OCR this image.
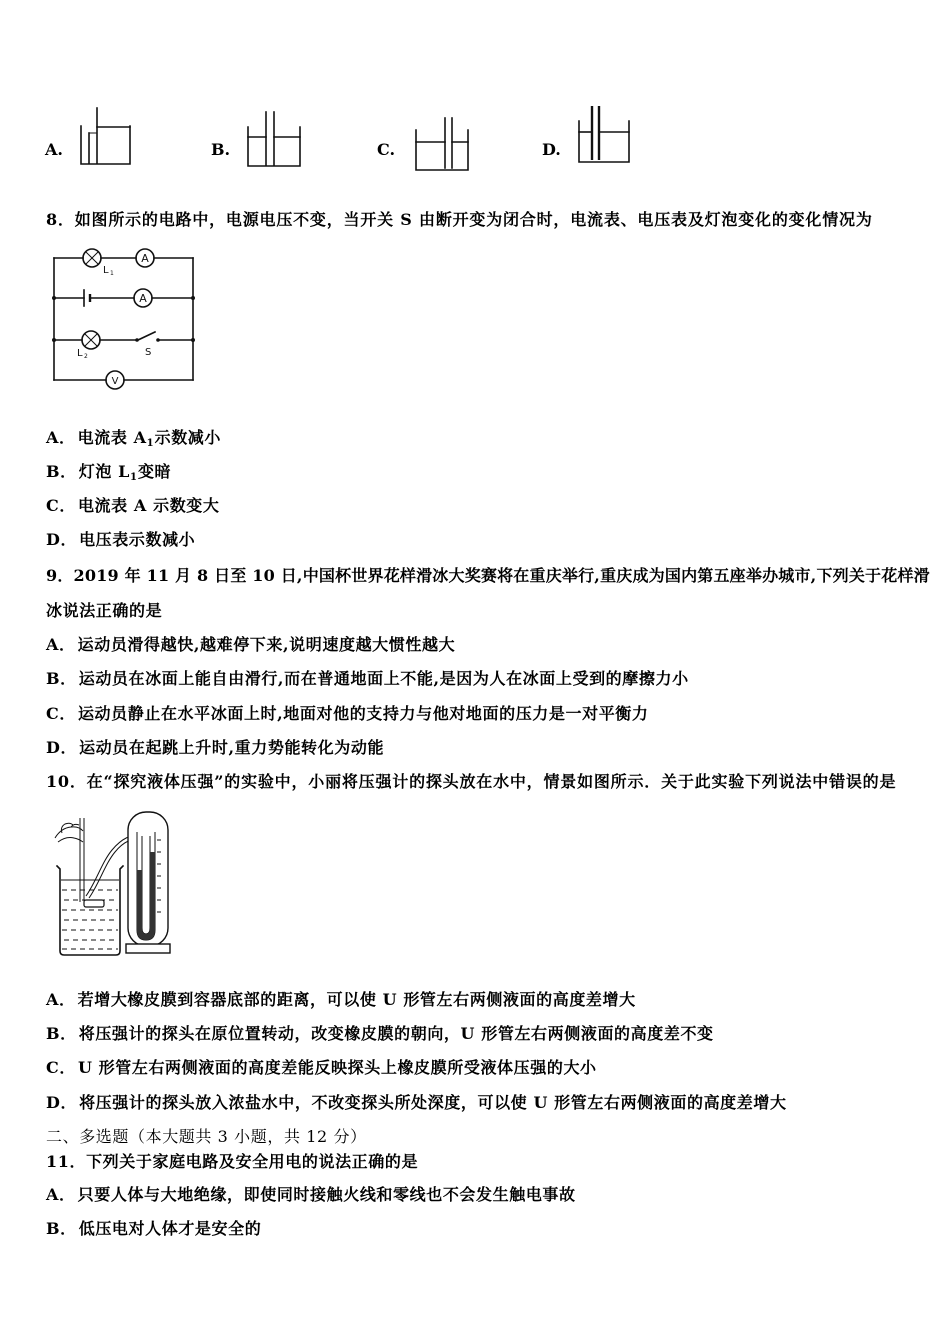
A.	B.	C.	D.
8．如图所示的电路中，电源电压不变，当开关 S 由断开变为闭合时，电流表、电压表及灯泡变化的变化情况为
L 1
A
A
L 2	S
V
A． 电流表 $A_1$示数减小
B． 灯泡 $L_1$变暗
C． 电流表 A 示数变大
D． 电压表示数减小
9．2019 年 11 月 8 日至 10 日,中国杯世界花样滑冰大奖赛将在重庆举行,重庆成为国内第五座举办城市,下列关于花样滑
冰说法正确的是
A． 运动员滑得越快,越难停下来,说明速度越大惯性越大
B． 运动员在冰面上能自由滑行,而在普通地面上不能,是因为人在冰面上受到的摩擦力小
C． 运动员静止在水平冰面上时,地面对他的支持力与他对地面的压力是一对平衡力
D． 运动员在起跳上升时,重力势能转化为动能
10．在“探究液体压强”的实验中，小丽将压强计的探头放在水中，情景如图所示．关于此实验下列说法中错误的是
A． 若增大橡皮膜到容器底部的距离，可以使 U 形管左右两侧液面的高度差增大
B． 将压强计的探头在原位置转动，改变橡皮膜的朝向，U 形管左右两侧液面的高度差不变
C． U 形管左右两侧液面的高度差能反映探头上橡皮膜所受液体压强的大小
D． 将压强计的探头放入浓盐水中，不改变探头所处深度，可以使 U 形管左右两侧液面的高度差增大
二、多选题（本大题共 3 小题，共 12 分）
11．下列关于家庭电路及安全用电的说法正确的是
A． 只要人体与大地绝缘，即使同时接触火线和零线也不会发生触电事故
B． 低压电对人体才是安全的
